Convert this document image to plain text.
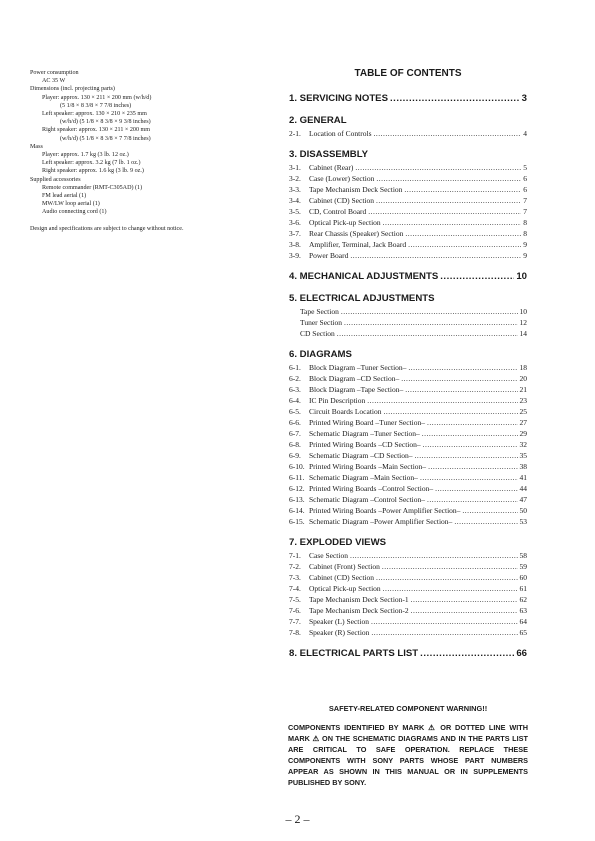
Power consumption
AC 35 W
Dimensions (incl. projecting parts)
Player: approx. 130 × 211 × 200 mm (w/h/d)
(5 1/8 × 8 3/8 × 7 7/8 inches)
Left speaker: approx. 130 × 210 × 235 mm
(w/h/d) (5 1/8 × 8 3/8 × 9 3/8 inches)
Right speaker: approx. 130 × 211 × 200 mm
(w/h/d) (5 1/8 × 8 3/8 × 7 7/8 inches)
Mass
Player: approx. 1.7 kg (3 lb. 12 oz.)
Left speaker: approx. 3.2 kg (7 lb. 1 oz.)
Right speaker: approx. 1.6 kg (3 lb. 9 oz.)
Supplied accessories
Remote commander (RMT-C305AD) (1)
FM lead aerial (1)
MW/LW loop aerial (1)
Audio connecting cord (1)
Design and specifications are subject to change without notice.
TABLE OF CONTENTS
1. SERVICING NOTES .....	3
2. GENERAL
2-1.	Location of Controls .....	4
3. DISASSEMBLY
3-1.	Cabinet (Rear) .....	5
3-2.	Case (Lower) Section .....	6
3-3.	Tape Mechanism Deck Section .....	6
3-4.	Cabinet (CD) Section .....	7
3-5.	CD, Control Board .....	7
3-6.	Optical Pick-up Section .....	8
3-7.	Rear Chassis (Speaker) Section .....	8
3-8.	Amplifier, Terminal, Jack Board .....	9
3-9.	Power Board .....	9
4. MECHANICAL ADJUSTMENTS .....	10
5. ELECTRICAL ADJUSTMENTS
Tape Section .....	10
Tuner Section .....	12
CD Section .....	14
6. DIAGRAMS
6-1.	Block Diagram –Tuner Section– .....	18
6-2.	Block Diagram –CD Section– .....	20
6-3.	Block Diagram –Tape Section– .....	21
6-4.	IC Pin Description .....	23
6-5.	Circuit Boards Location .....	25
6-6.	Printed Wiring Board –Tuner Section– .....	27
6-7.	Schematic Diagram –Tuner Section– .....	29
6-8.	Printed Wiring Boards –CD Section– .....	32
6-9.	Schematic Diagram –CD Section– .....	35
6-10. Printed Wiring Boards –Main Section– .....	38
6-11. Schematic Diagram –Main Section– .....	41
6-12. Printed Wiring Boards –Control Section– .....	44
6-13. Schematic Diagram –Control Section– .....	47
6-14. Printed Wiring Boards –Power Amplifier Section– .....	50
6-15. Schematic Diagram –Power Amplifier Section– .....	53
7. EXPLODED VIEWS
7-1.	Case Section .....	58
7-2.	Cabinet (Front) Section .....	59
7-3.	Cabinet (CD) Section .....	60
7-4.	Optical Pick-up Section .....	61
7-5.	Tape Mechanism Deck Section-1 .....	62
7-6.	Tape Mechanism Deck Section-2 .....	63
7-7.	Speaker (L) Section .....	64
7-8.	Speaker (R) Section .....	65
8. ELECTRICAL PARTS LIST .....	66
SAFETY-RELATED COMPONENT WARNING!!
COMPONENTS IDENTIFIED BY MARK ⚠ OR DOTTED LINE WITH MARK ⚠ ON THE SCHEMATIC DIAGRAMS AND IN THE PARTS LIST ARE CRITICAL TO SAFE OPERATION. REPLACE THESE COMPONENTS WITH SONY PARTS WHOSE PART NUMBERS APPEAR AS SHOWN IN THIS MANUAL OR IN SUPPLEMENTS PUBLISHED BY SONY.
– 2 –
